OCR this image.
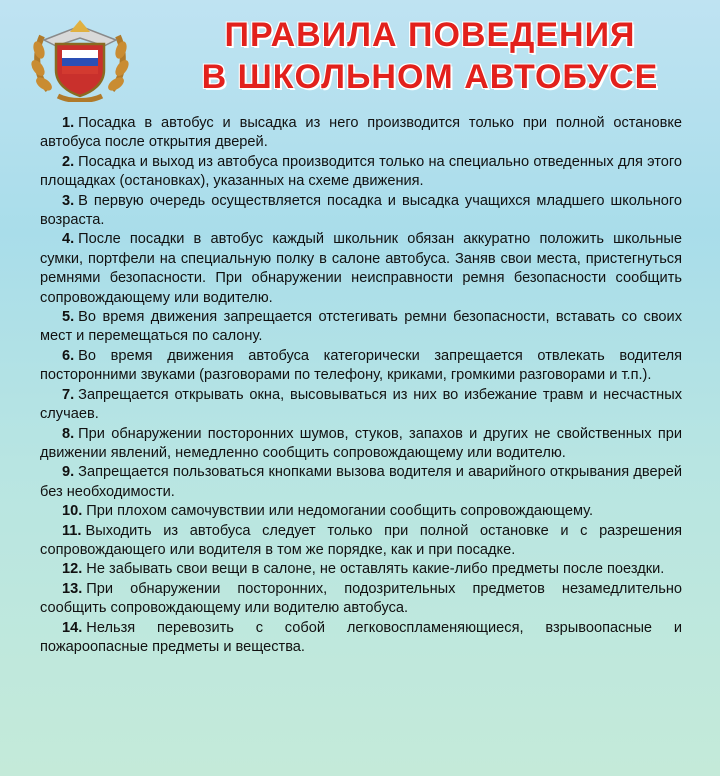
ПРАВИЛА ПОВЕДЕНИЯ
В ШКОЛЬНОМ АВТОБУСЕ

1. Посадка в автобус и высадка из него производится только при полной остановке автобуса после открытия дверей.

2. Посадка и выход из автобуса производится только на специально отведенных для этого площадках (остановках), указанных на схеме движения.

3. В первую очередь осуществляется посадка и высадка учащихся младшего школьного возраста.

4. После посадки в автобус каждый школьник обязан аккуратно положить школьные сумки, портфели на специальную полку в салоне автобуса. Заняв свои места, пристегнуться ремнями безопасности. При обнаружении неисправности ремня безопасности сообщить сопровождающему или водителю.

5. Во время движения запрещается отстегивать ремни безопасности, вставать со своих мест и перемещаться по салону.

6. Во время движения автобуса категорически запрещается отвлекать водителя посторонними звуками (разговорами по телефону, криками, громкими разговорами и т.п.).

7. Запрещается открывать окна, высовываться из них во избежание травм и несчастных случаев.

8. При обнаружении посторонних шумов, стуков, запахов и других не свойственных при движении явлений, немедленно сообщить сопровождающему или водителю.

9. Запрещается пользоваться кнопками вызова водителя и аварийного открывания дверей без необходимости.

10. При плохом самочувствии или недомогании сообщить сопровождающему.

11. Выходить из автобуса следует только при полной остановке и с разрешения сопровождающего или водителя в том же порядке, как и при посадке.

12. Не забывать свои вещи в салоне, не оставлять какие-либо предметы после поездки.

13. При обнаружении посторонних, подозрительных предметов незамедлительно сообщить сопровождающему или водителю автобуса.

14. Нельзя перевозить с собой легковоспламеняющиеся, взрывоопасные и пожароопасные предметы и вещества.
